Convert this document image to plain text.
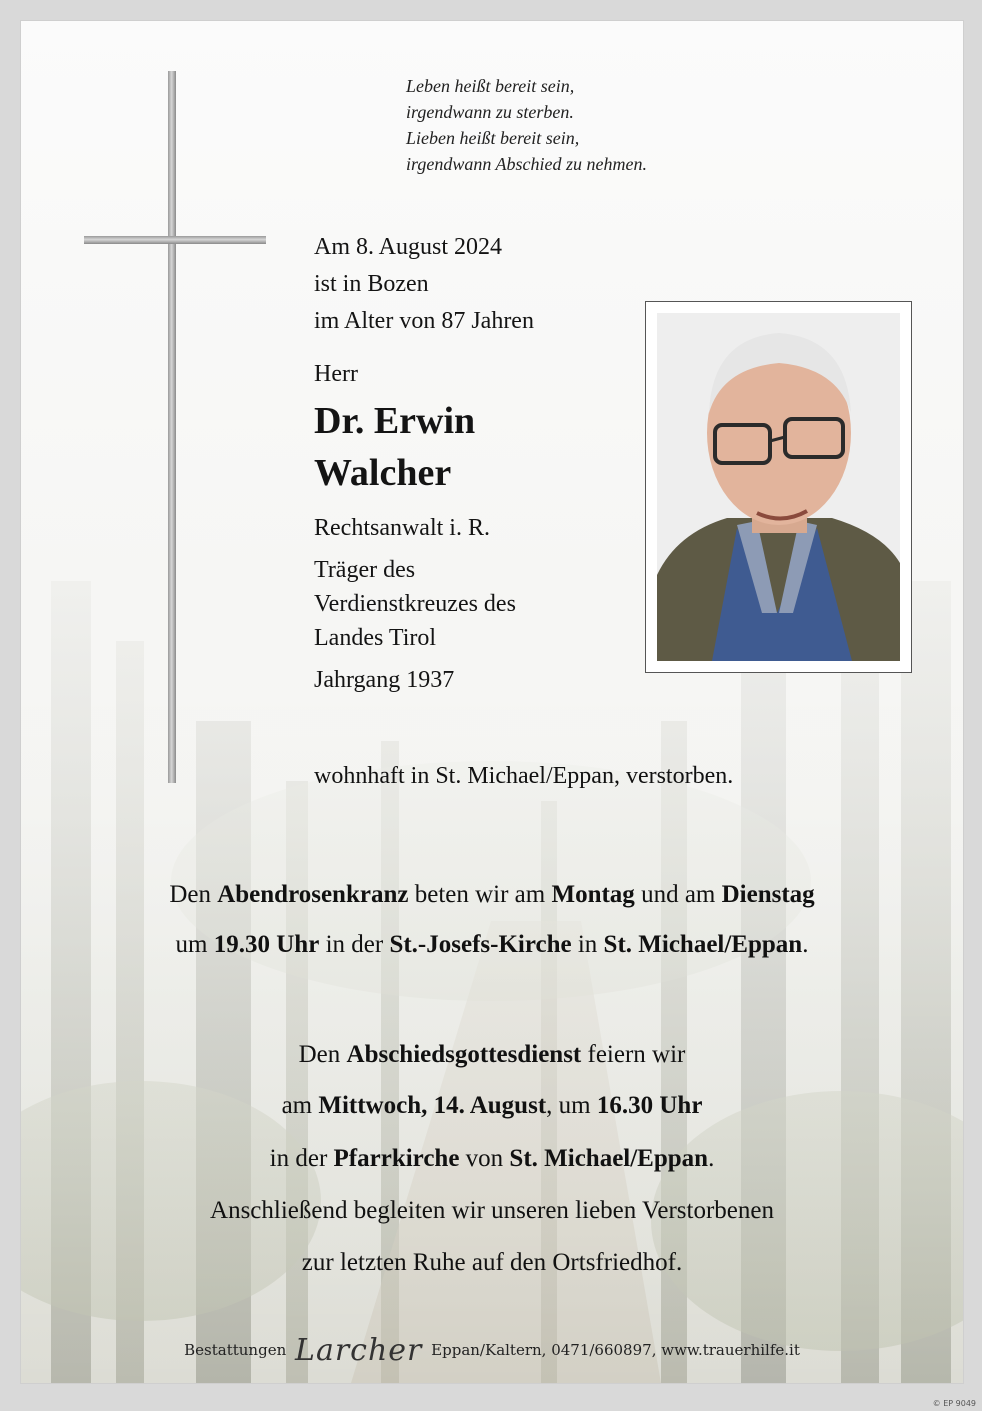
Leben heißt bereit sein,
irgendwann zu sterben.
Lieben heißt bereit sein,
irgendwann Abschied zu nehmen.
Am 8. August 2024
ist in Bozen
im Alter von 87 Jahren
Herr
Dr. Erwin
Walcher
Rechtsanwalt i. R.
Träger des
Verdienstkreuzes des
Landes Tirol
Jahrgang 1937
wohnhaft in St. Michael/Eppan, verstorben.
Den Abendrosenkranz beten wir am Montag und am Dienstag
um 19.30 Uhr in der St.-Josefs-Kirche in St. Michael/Eppan.
Den Abschiedsgottesdienst feiern wir
am Mittwoch, 14. August, um 16.30 Uhr
in der Pfarrkirche von St. Michael/Eppan.
Anschließend begleiten wir unseren lieben Verstorbenen
zur letzten Ruhe auf den Ortsfriedhof.
Bestattungen Larcher Eppan/Kaltern, 0471/660897, www.trauerhilfe.it
© EP 9049
